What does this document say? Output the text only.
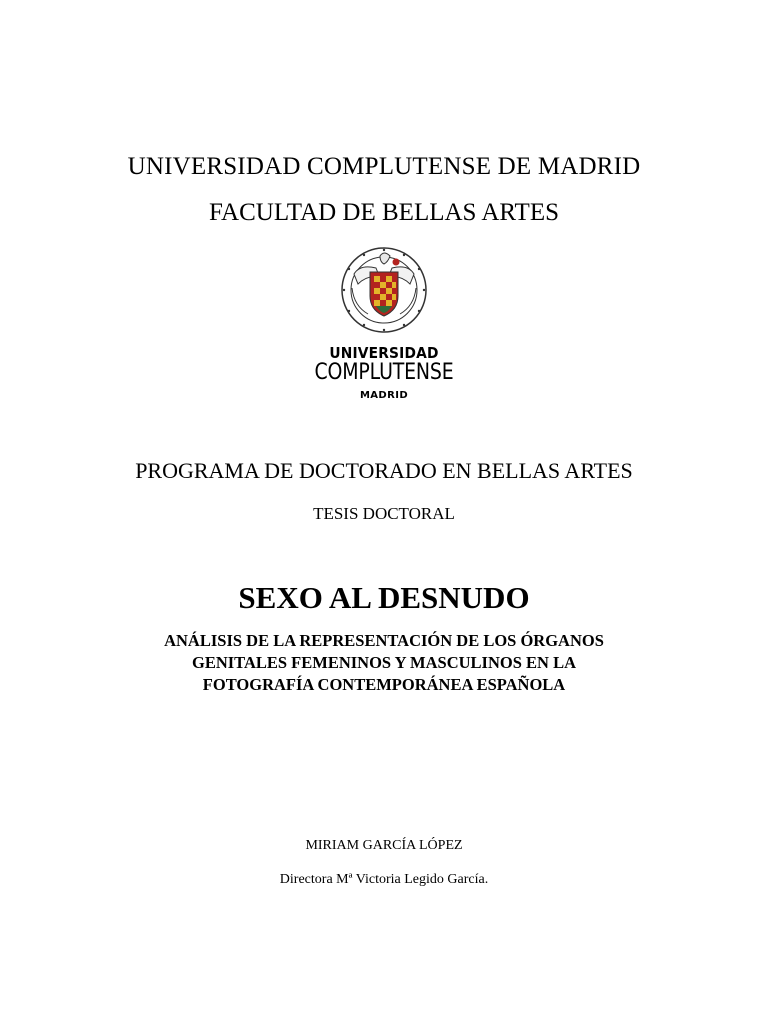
UNIVERSIDAD COMPLUTENSE DE MADRID
FACULTAD DE BELLAS ARTES
UNIVERSIDAD
COMPLUTENSE
MADRID
PROGRAMA DE DOCTORADO EN BELLAS ARTES
TESIS DOCTORAL
SEXO AL DESNUDO
ANÁLISIS DE LA REPRESENTACIÓN DE LOS ÓRGANOS
GENITALES FEMENINOS Y MASCULINOS EN LA
FOTOGRAFÍA CONTEMPORÁNEA ESPAÑOLA
MIRIAM GARCÍA LÓPEZ
Directora Mª Victoria Legido García.
